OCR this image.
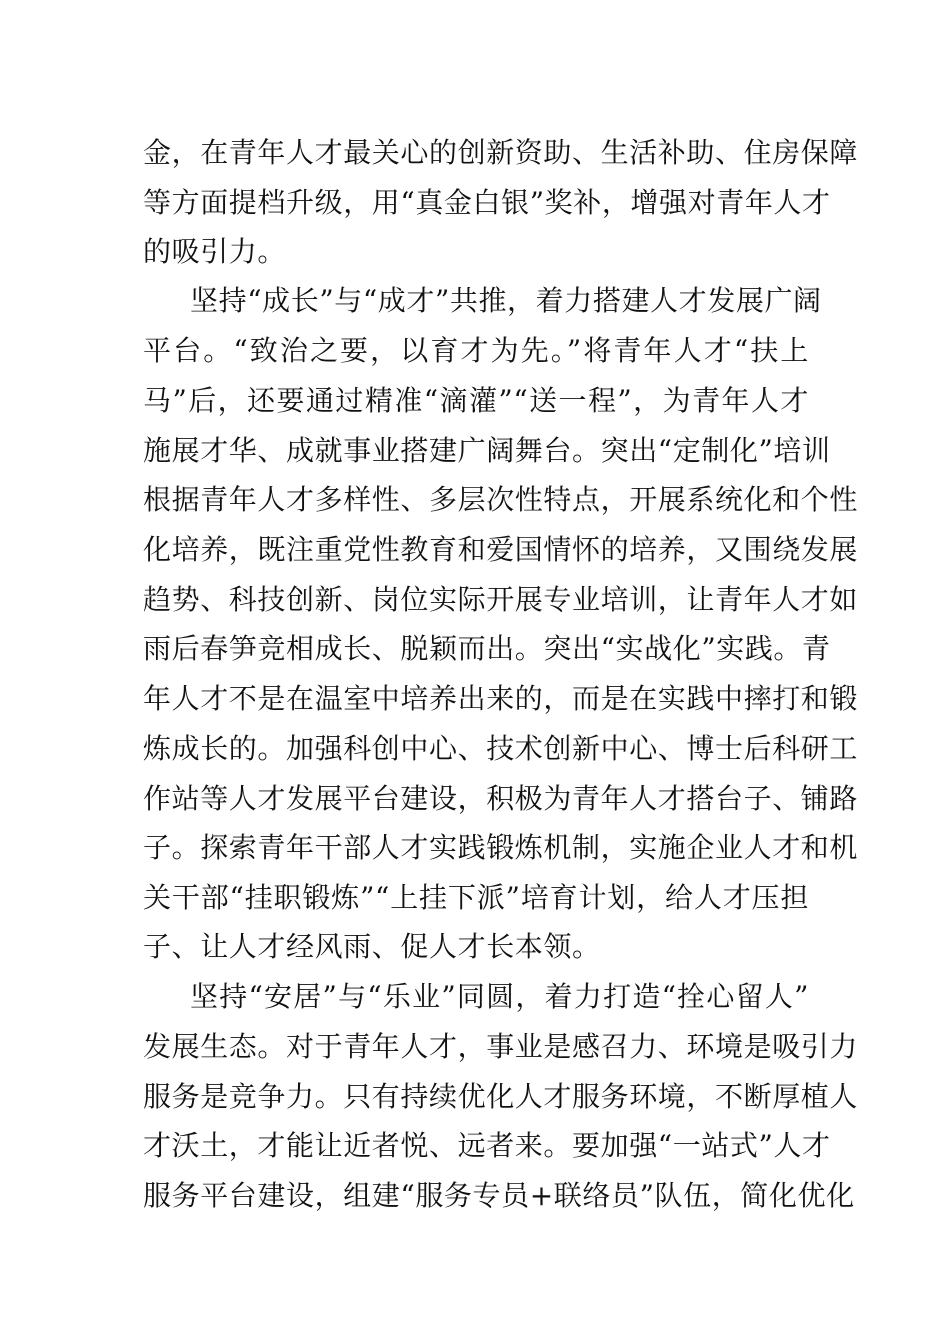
金，在青年人才最关心的创新资助、生活补助、住房保障
等方面提档升级，用“真金白银”奖补，增强对青年人才
的吸引力。
坚持“成长”与“成才”共推，着力搭建人才发展广阔
平台。“致治之要，以育才为先。”将青年人才“扶上
马”后，还要通过精准“滴灌”“送一程”，为青年人才
施展才华、成就事业搭建广阔舞台。突出“定制化”培训
根据青年人才多样性、多层次性特点，开展系统化和个性
化培养，既注重党性教育和爱国情怀的培养，又围绕发展
趋势、科技创新、岗位实际开展专业培训，让青年人才如
雨后春笋竞相成长、脱颖而出。突出“实战化”实践。青
年人才不是在温室中培养出来的，而是在实践中摔打和锻
炼成长的。加强科创中心、技术创新中心、博士后科研工
作站等人才发展平台建设，积极为青年人才搭台子、铺路
子。探索青年干部人才实践锻炼机制，实施企业人才和机
关干部“挂职锻炼”“上挂下派”培育计划，给人才压担
子、让人才经风雨、促人才长本领。
坚持“安居”与“乐业”同圆，着力打造“拴心留人”
发展生态。对于青年人才，事业是感召力、环境是吸引力
服务是竞争力。只有持续优化人才服务环境，不断厚植人
才沃土，才能让近者悦、远者来。要加强“一站式”人才
服务平台建设，组建“服务专员+联络员”队伍，简化优化
